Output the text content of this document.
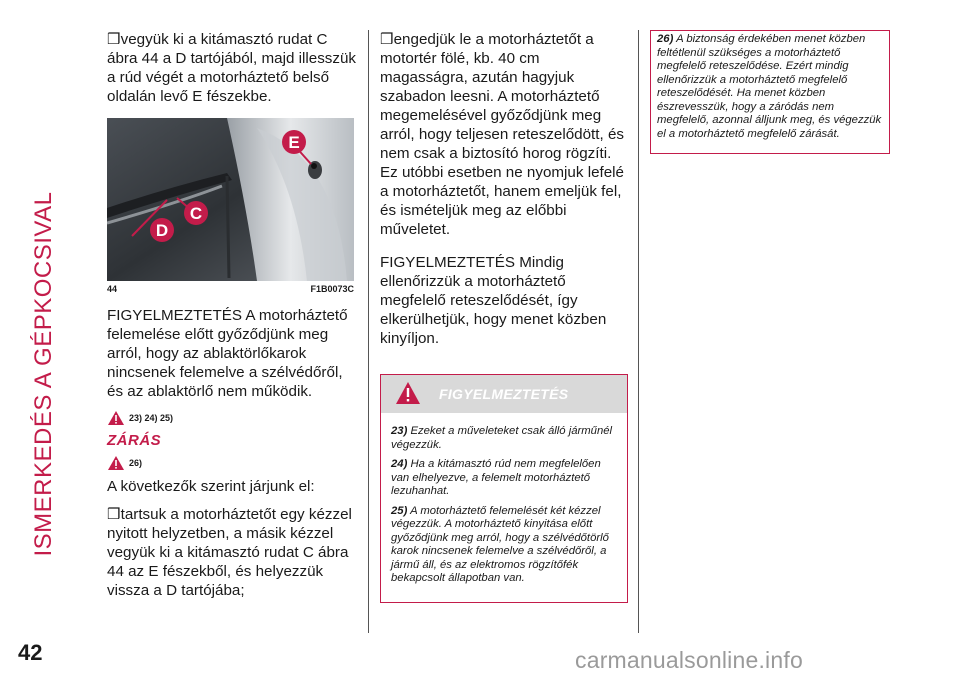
ISMERKEDÉS A GÉPKOCSIVAL
42

❒vegyük ki a kitámasztó rudat C ábra 44 a D tartójából, majd illesszük a rúd végét a motorháztető belső oldalán levő E fészekbe.

E
C
D
44	F1B0073C

FIGYELMEZTETÉS A motorháztető felemelése előtt győződjünk meg arról, hogy az ablaktörlőkarok nincsenek felemelve a szélvédőről, és az ablaktörlő nem működik.

23) 24) 25)
ZÁRÁS
26)

A következők szerint járjunk el:

❒tartsuk a motorháztetőt egy kézzel nyitott helyzetben, a másik kézzel vegyük ki a kitámasztó rudat C ábra 44 az E fészekből, és helyezzük vissza a D tartójába;

❒engedjük le a motorháztetőt a motortér fölé, kb. 40 cm magasságra, azután hagyjuk szabadon leesni. A motorháztető megemelésével győződjünk meg arról, hogy teljesen reteszelődött, és nem csak a biztosító horog rögzíti. Ez utóbbi esetben ne nyomjuk lefelé a motorháztetőt, hanem emeljük fel, és ismételjük meg az előbbi műveletet.

FIGYELMEZTETÉS Mindig ellenőrizzük a motorháztető megfelelő reteszelődését, így elkerülhetjük, hogy menet közben kinyíljon.

FIGYELMEZTETÉS

23) Ezeket a műveleteket csak álló járműnél végezzük.

24) Ha a kitámasztó rúd nem megfelelően van elhelyezve, a felemelt motorháztető lezuhanhat.

25) A motorháztető felemelését két kézzel végezzük. A motorháztető kinyitása előtt győződjünk meg arról, hogy a szélvédőtörlő karok nincsenek felemelve a szélvédőről, a jármű áll, és az elektromos rögzítőfék bekapcsolt állapotban van.

26) A biztonság érdekében menet közben feltétlenül szükséges a motorháztető megfelelő reteszelődése. Ezért mindig ellenőrizzük a motorháztető megfelelő reteszelődését. Ha menet közben észrevesszük, hogy a záródás nem megfelelő, azonnal álljunk meg, és végezzük el a motorháztető megfelelő zárását.

carmanualsonline.info
